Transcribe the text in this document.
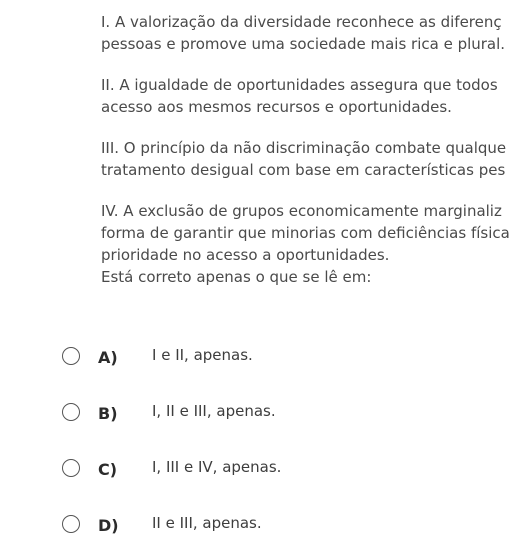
I. A valorização da diversidade reconhece as diferenç
pessoas e promove uma sociedade mais rica e plural.
II. A igualdade de oportunidades assegura que todos
acesso aos mesmos recursos e oportunidades.
III. O princípio da não discriminação combate qualque
tratamento desigual com base em características pes
IV. A exclusão de grupos economicamente marginaliz
forma de garantir que minorias com deficiências física
prioridade no acesso a oportunidades.
Está correto apenas o que se lê em:
A) I e II, apenas.
B) I, II e III, apenas.
C) I, III e IV, apenas.
D) II e III, apenas.
